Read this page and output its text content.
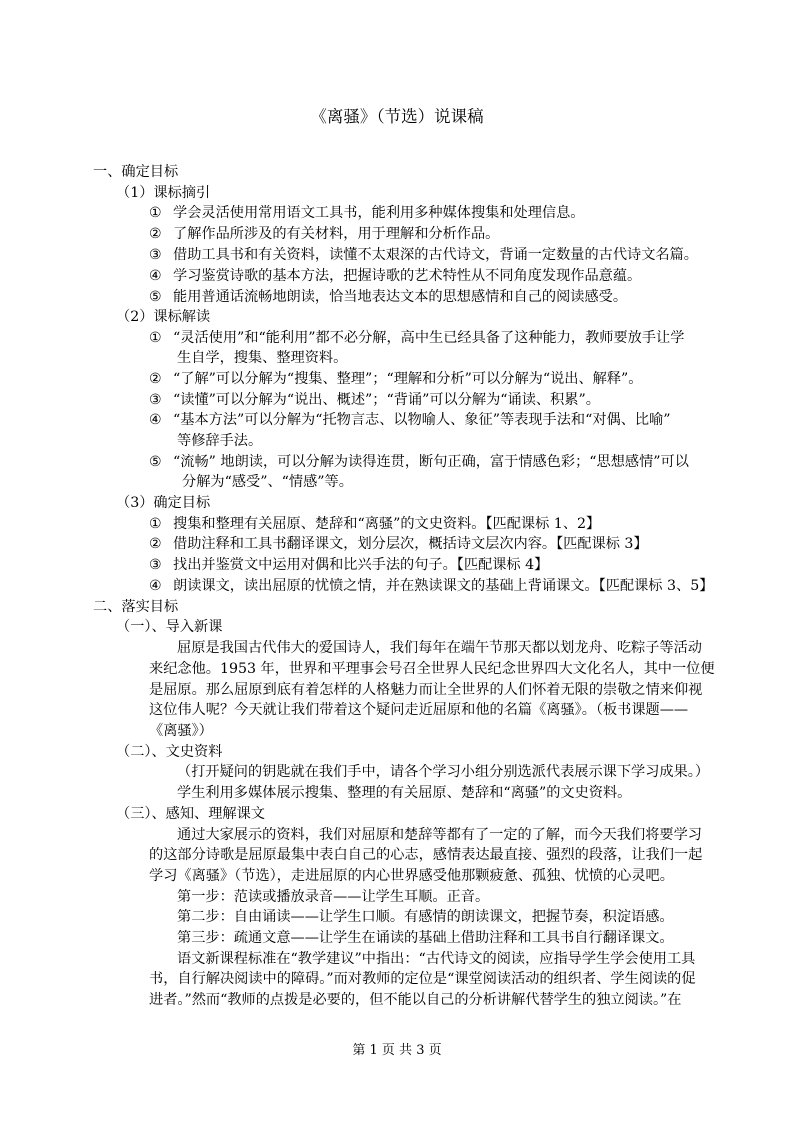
《离骚》（节选）说课稿
一、确定目标
（1）课标摘引
① 学会灵活使用常用语文工具书，能利用多种媒体搜集和处理信息。
② 了解作品所涉及的有关材料，用于理解和分析作品。
③ 借助工具书和有关资料，读懂不太艰深的古代诗文，背诵一定数量的古代诗文名篇。
④ 学习鉴赏诗歌的基本方法，把握诗歌的艺术特性从不同角度发现作品意蕴。
⑤ 能用普通话流畅地朗读，恰当地表达文本的思想感情和自己的阅读感受。
（2）课标解读
① “灵活使用”和“能利用”都不必分解，高中生已经具备了这种能力，教师要放手让学
生自学，搜集、整理资料。
② “了解”可以分解为“搜集、整理”；“理解和分析”可以分解为“说出、解释”。
③ “读懂”可以分解为“说出、概述”；“背诵”可以分解为“诵读、积累”。
④ “基本方法”可以分解为“托物言志、以物喻人、象征”等表现手法和“对偶、比喻”
等修辞手法。
⑤ “流畅” 地朗读，可以分解为读得连贯，断句正确，富于情感色彩；“思想感情”可以
分解为“感受”、“情感”等。
（3）确定目标
① 搜集和整理有关屈原、楚辞和“离骚”的文史资料。【匹配课标 1、2】
② 借助注释和工具书翻译课文，划分层次，概括诗文层次内容。【匹配课标 3】
③ 找出并鉴赏文中运用对偶和比兴手法的句子。【匹配课标 4】
④ 朗读课文，读出屈原的忧愤之情，并在熟读课文的基础上背诵课文。【匹配课标 3、5】
二、落实目标
（一）、导入新课
屈原是我国古代伟大的爱国诗人，我们每年在端午节那天都以划龙舟、吃粽子等活动
来纪念他。1953 年，世界和平理事会号召全世界人民纪念世界四大文化名人，其中一位便
是屈原。那么屈原到底有着怎样的人格魅力而让全世界的人们怀着无限的崇敬之情来仰视
这位伟人呢？今天就让我们带着这个疑问走近屈原和他的名篇《离骚》。（板书课题——
《离骚》）
（二）、文史资料
（打开疑问的钥匙就在我们手中，请各个学习小组分别选派代表展示课下学习成果。）
学生利用多媒体展示搜集、整理的有关屈原、楚辞和“离骚”的文史资料。
（三）、感知、理解课文
通过大家展示的资料，我们对屈原和楚辞等都有了一定的了解，而今天我们将要学习
的这部分诗歌是屈原最集中表白自己的心志，感情表达最直接、强烈的段落，让我们一起
学习《离骚》（节选），走进屈原的内心世界感受他那颗疲惫、孤独、忧愤的心灵吧。
第一步：范读或播放录音——让学生耳顺。正音。
第二步：自由诵读——让学生口顺。有感情的朗读课文，把握节奏，积淀语感。
第三步：疏通文意——让学生在诵读的基础上借助注释和工具书自行翻译课文。
语文新课程标准在“教学建议”中指出：“古代诗文的阅读，应指导学生学会使用工具
书，自行解决阅读中的障碍。”而对教师的定位是“课堂阅读活动的组织者、学生阅读的促
进者。”然而“教师的点拨是必要的，但不能以自己的分析讲解代替学生的独立阅读。”在
第 1 页 共 3 页
